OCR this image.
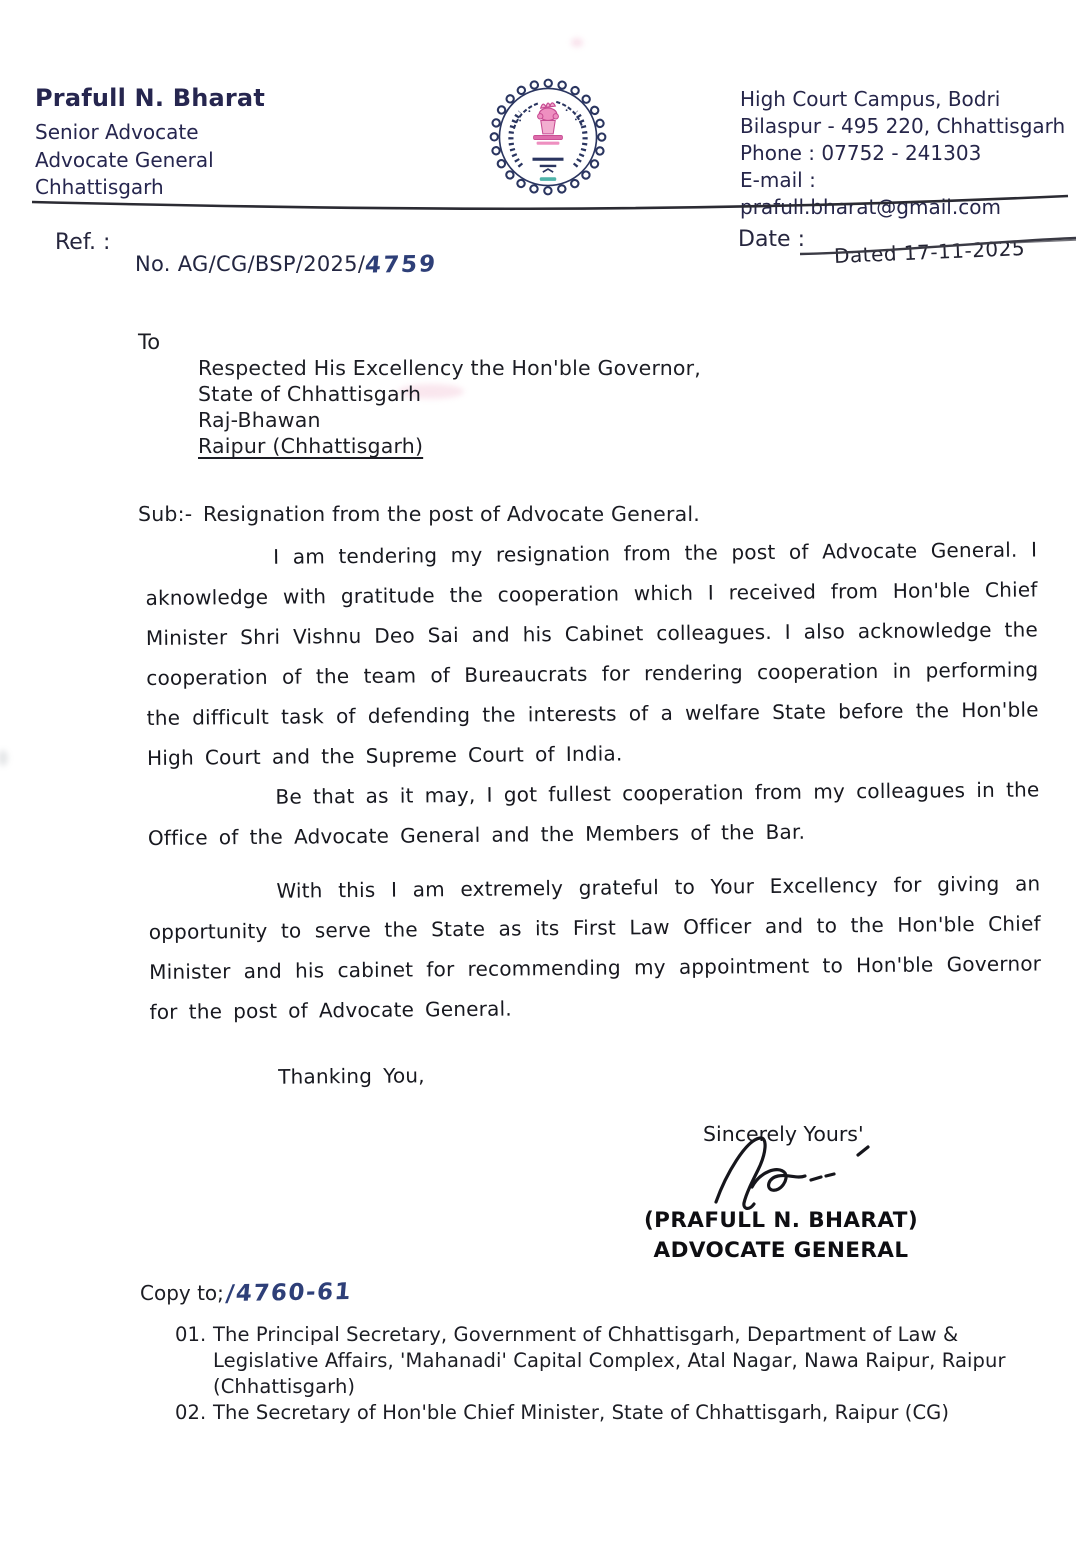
Prafull N. Bharat
Senior Advocate
Advocate General
Chhattisgarh
High Court Campus, Bodri
Bilaspur - 495 220, Chhattisgarh
Phone : 07752 - 241303
E-mail : prafull.bharat@gmail.com
Ref. :
No. AG/CG/BSP/2025/4759
Date : Dated 17-11-2025
To
Respected His Excellency the Hon'ble Governor,
State of Chhattisgarh
Raj-Bhawan
Raipur (Chhattisgarh)
Sub:- Resignation from the post of Advocate General.

I am tendering my resignation from the post of Advocate General. I aknowledge with gratitude the cooperation which I received from Hon'ble Chief Minister Shri Vishnu Deo Sai and his Cabinet colleagues. I also acknowledge the cooperation of the team of Bureaucrats for rendering cooperation in performing the difficult task of defending the interests of a welfare State before the Hon'ble High Court and the Supreme Court of India.

Be that as it may, I got fullest cooperation from my colleagues in the Office of the Advocate General and the Members of the Bar.

With this I am extremely grateful to Your Excellency for giving an opportunity to serve the State as its First Law Officer and to the Hon'ble Chief Minister and his cabinet for recommending my appointment to Hon'ble Governor for the post of Advocate General.

Thanking You,
Sincerely Yours'
(PRAFULL N. BHARAT)
ADVOCATE GENERAL
Copy to;/4760-61
01. The Principal Secretary, Government of Chhattisgarh, Department of Law & Legislative Affairs, 'Mahanadi' Capital Complex, Atal Nagar, Nawa Raipur, Raipur (Chhattisgarh)
02. The Secretary of Hon'ble Chief Minister, State of Chhattisgarh, Raipur (CG)
